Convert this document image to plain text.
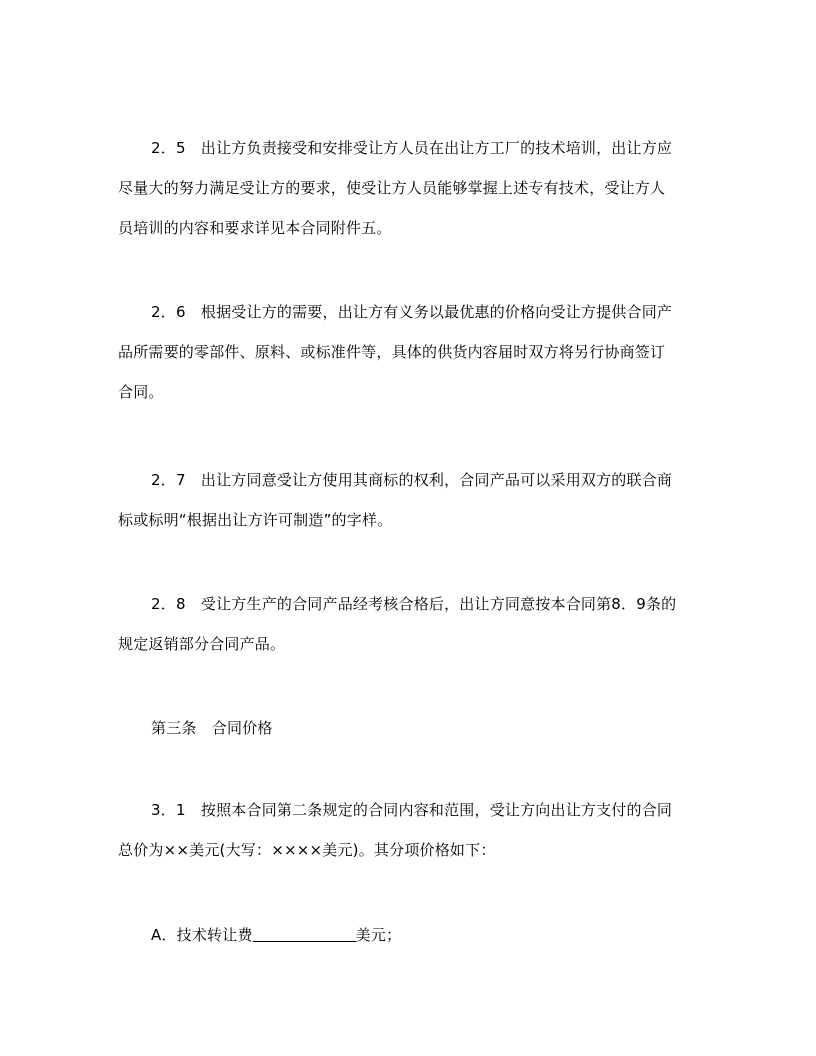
2．5　出让方负责接受和安排受让方人员在出让方工厂的技术培训，出让方应
尽量大的努力满足受让方的要求，使受让方人员能够掌握上述专有技术，受让方人
员培训的内容和要求详见本合同附件五。
2．6　根据受让方的需要，出让方有义务以最优惠的价格向受让方提供合同产
品所需要的零部件、原料、或标准件等，具体的供货内容届时双方将另行协商签订
合同。
2．7　出让方同意受让方使用其商标的权利，合同产品可以采用双方的联合商
标或标明“根据出让方许可制造”的字样。
2．8　受让方生产的合同产品经考核合格后，出让方同意按本合同第8．9条的
规定返销部分合同产品。
第三条　合同价格
3．1　按照本合同第二条规定的合同内容和范围，受让方向出让方支付的合同
总价为××美元(大写：××××美元)。其分项价格如下：
A．技术转让费	美元；
